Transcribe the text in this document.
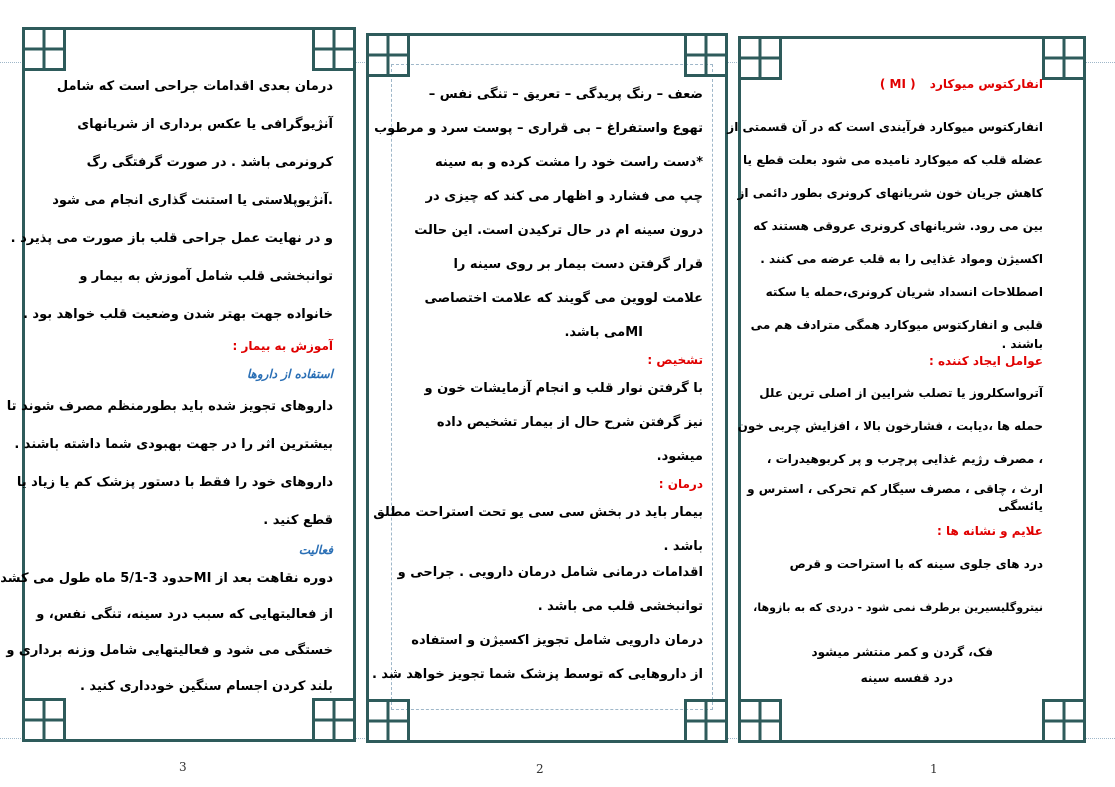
درمان بعدی اقدامات جراحی است که شامل
آنژیوگرافی یا عکس برداری از شریانهای
کرونرمی باشد . در صورت گرفتگی رگ
.آنژیوپلاستی یا استنت گذاری انجام می شود
و در نهایت عمل جراحی قلب باز صورت می پذیرد .
توانبخشی قلب شامل آموزش به بیمار و
خانواده جهت بهتر شدن وضعیت قلب خواهد بود .
آموزش به بیمار :
استفاده از داروها
داروهای تجویز شده باید بطورمنظم مصرف شوند تا
بیشترین اثر را در جهت بهبودی شما داشته باشند .
داروهای خود را فقط با دستور پزشک کم یا زیاد یا
قطع کنید .
فعالیت
دوره نقاهت بعد از MIحدود 3-5/1 ماه طول می کشد
از فعالیتهایی که سبب درد سینه، تنگی نفس، و
خستگی می شود و فعالیتهایی شامل وزنه برداری و
بلند کردن اجسام سنگین خودداری کنید .
3
ضعف – رنگ پریدگی – تعریق – تنگی نفس –
تهوع واستفراغ – بی قراری – پوست سرد و مرطوب
*دست راست خود را مشت کرده و به سینه
چپ می فشارد و اظهار می کند که چیزی در
درون سینه ام در حال ترکیدن است. این حالت
قرار گرفتن دست بیمار بر روی سینه را
علامت لووین می گویند که علامت اختصاصی
MIمی باشد.
تشخیص :
با گرفتن نوار قلب و انجام آزمایشات خون و
نیز گرفتن شرح حال از بیمار تشخیص داده
میشود.
درمان :
بیمار باید در بخش سی سی یو تحت استراحت مطلق
باشد .
اقدامات درمانی شامل درمان دارویی . جراحی و
توانبخشی قلب می باشد .
درمان دارویی شامل تجویز اکسیژن و استفاده
از داروهایی که توسط پزشک شما تجویز خواهد شد .
2
انفارکتوس میوکارد ( MI )
انفارکتوس میوکارد فرآیندی است که در آن قسمتی از
عضله قلب که میوکارد نامیده می شود بعلت قطع یا
کاهش جریان خون شریانهای کرونری بطور دائمی از
بین می رود. شریانهای کرونری عروقی هستند که
اکسیژن ومواد غذایی را به قلب عرضه می کنند .
اصطلاحات انسداد شریان کرونری،حمله یا سکته
قلبی و انفارکتوس میوکارد همگی مترادف هم می
باشند .
عوامل ایجاد کننده :
آترواسکلروز یا تصلب شرایین از اصلی ترین علل
حمله ها ،دیابت ، فشارخون بالا ، افزایش چربی خون
، مصرف رژیم غذایی پرچرب و پر کربوهیدرات ،
ارث ، چاقی ، مصرف سیگار کم تحرکی ، استرس و
یائسگی
علایم و نشانه ها :
درد های جلوی سینه که با استراحت و قرص
نیتروگلیسیرین برطرف نمی شود - دردی که به بازوها،
فک، گردن و کمر منتشر میشود
درد قفسه سینه
1
